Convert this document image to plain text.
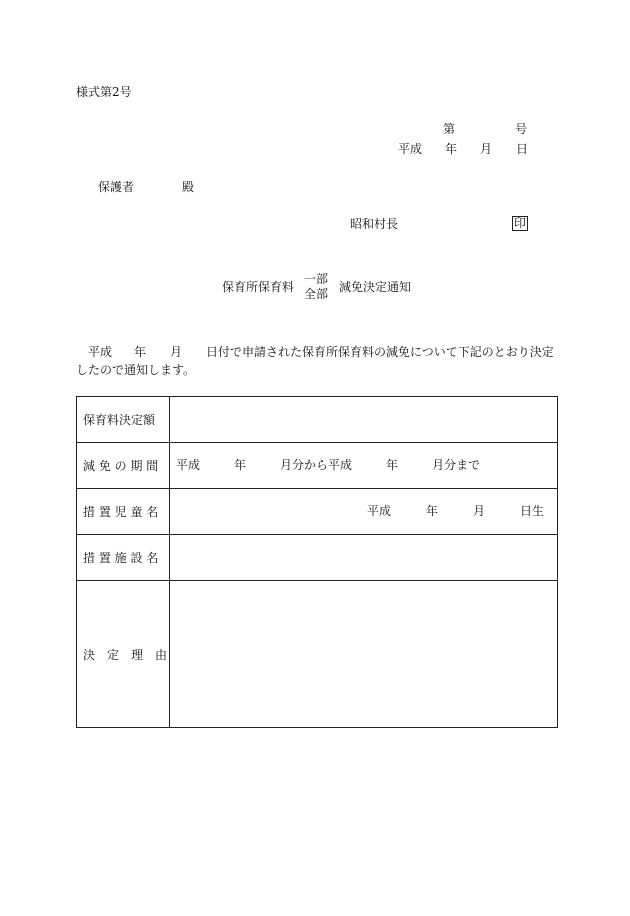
様式第2号
第	号
平成 年 月 日
保護者	殿
昭和村長	印
保育所保育料
一部
全部 減免決定通知
平成 年 月 日付で申請された保育所保育料の減免について下記のとおり決定
したので通知します。
保育料決定額	
減 免 の 期 間	平成 年 月分から平成 年 月分まで

措 置 児 童 名	平成 年 月 日生

措 置 施 設 名	
決　定　理　由	
